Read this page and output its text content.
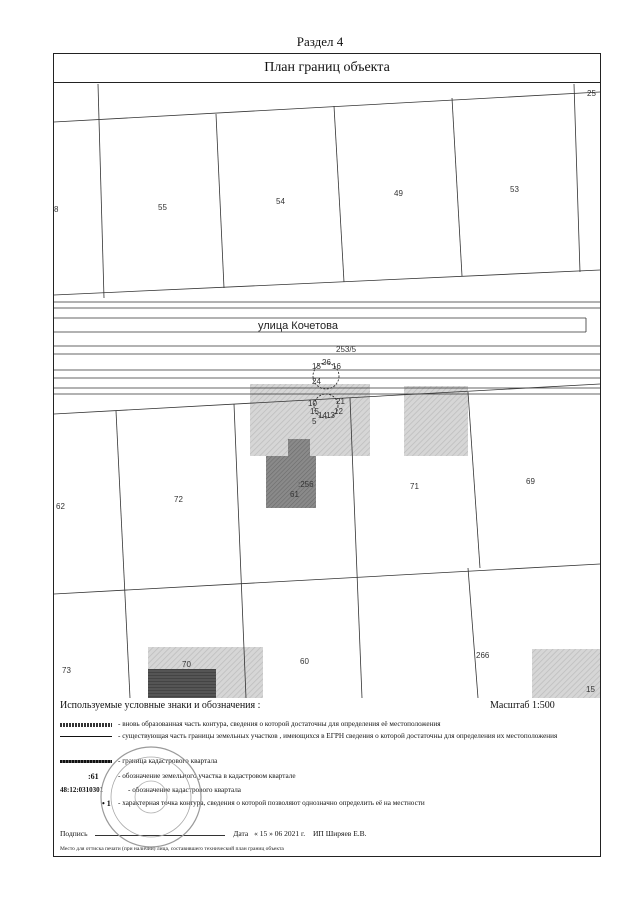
Раздел 4
План границ объекта
25
8	55
54
49	53
улица Кочетова
253/5
15 26 16
24
10 21
15 14 13 12
5
:256
61
62
72
71
69
73
70	60
266
15
Используемые условные знаки и обозначения :	Масштаб 1:500
- вновь образованная часть контура, сведения о которой достаточны для определения её местоположения
- существующая часть границы земельных участков , имеющихся в ЕГРН сведения о которой достаточны для определения их местоположения
- граница кадастрового квартала
:61	- обозначение земельного участка в кадастровом квартале
48:12:0310301	- обозначение кадастрового квартала
• 1 - характерная точка контура, сведения о которой позволяют однозначно определить её на местности
Подпись	Дата « 15 » 06 2021 г. ИП Ширяев Е.В.
Место для оттиска печати (при наличии) лица, составившего технический план границ объекта
